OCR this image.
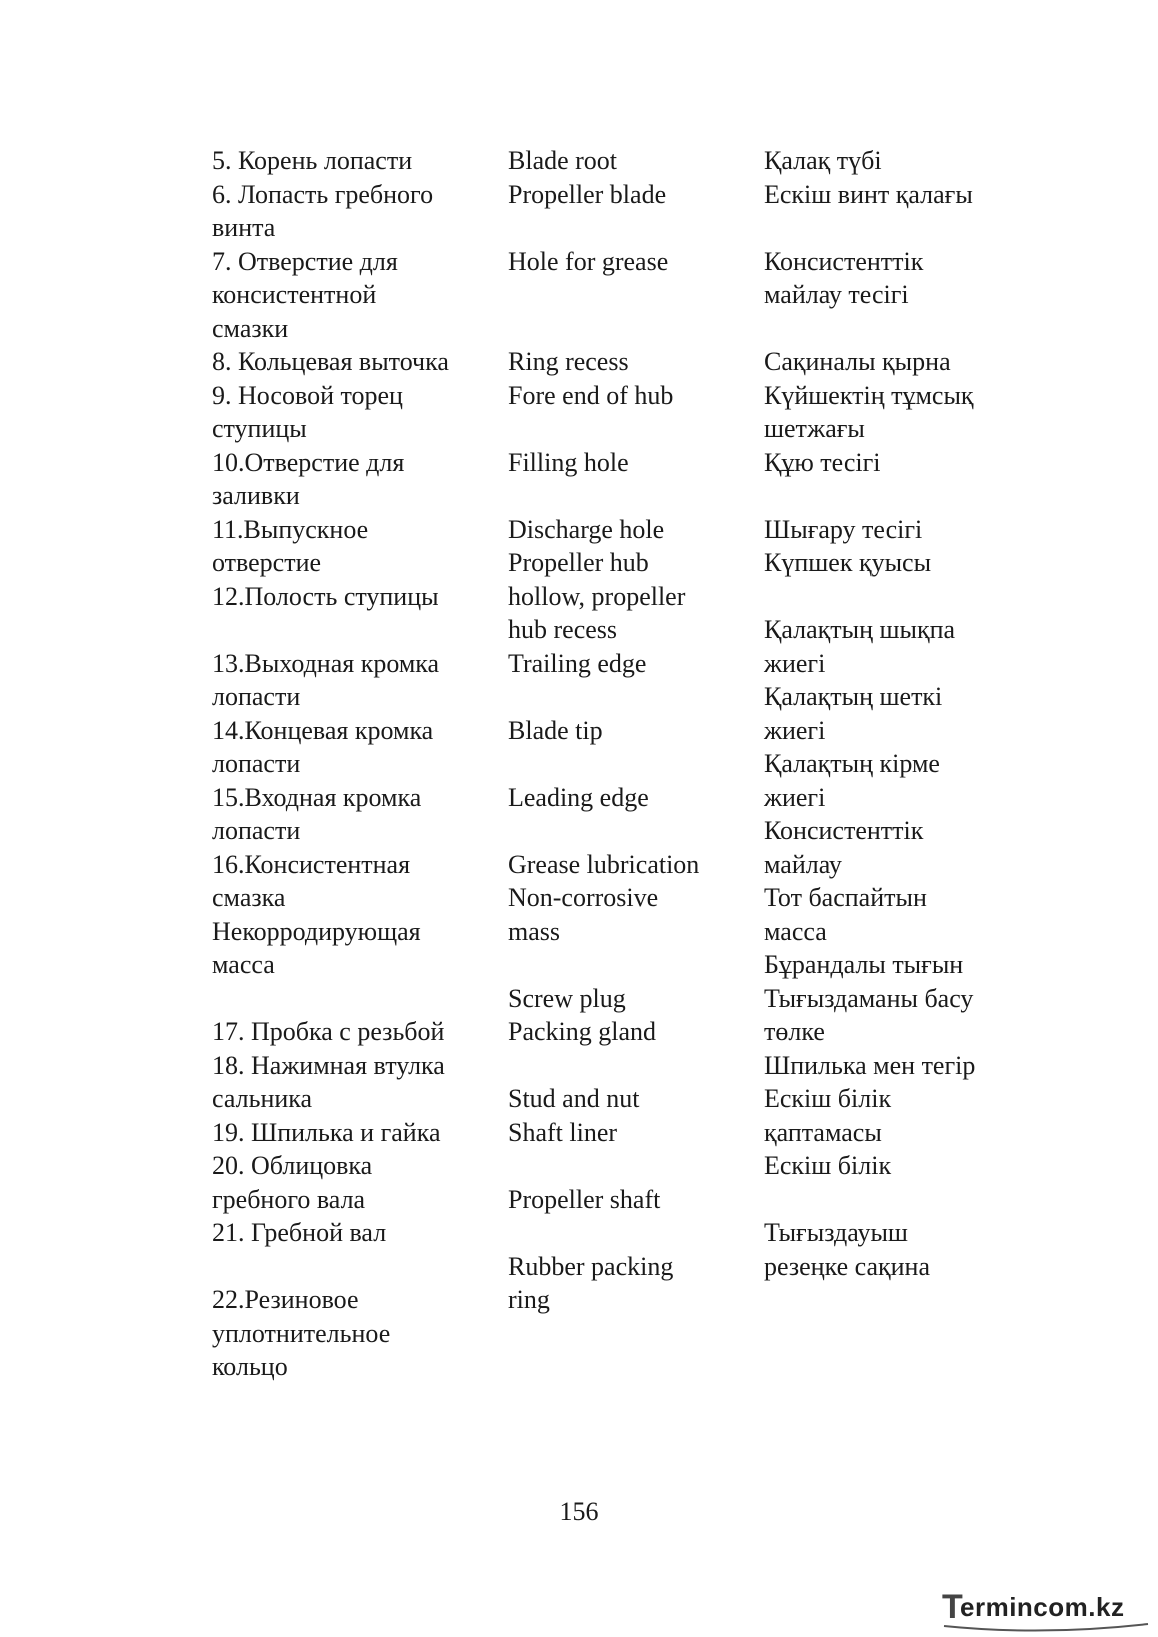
5. Корень лопасти
6. Лопасть гребного
винта
7. Отверстие для
консистентной
смазки
8. Кольцевая выточка
9. Носовой торец
ступицы
10.Отверстие для
заливки
11.Выпускное
отверстие
12.Полость ступицы
13.Выходная кромка
лопасти
14.Концевая кромка
лопасти
15.Входная кромка
лопасти
16.Консистентная
смазка
Некорродирующая
масса
17. Пробка с резьбой
18. Нажимная втулка
сальника
19. Шпилька и гайка
20. Облицовка
гребного вала
21. Гребной вал
22.Резиновое
уплотнительное
кольцо
Blade root
Propeller blade
Hole for grease
Ring recess
Fore end of hub
Filling hole
Discharge hole
Propeller hub
hollow, propeller
hub recess
Trailing edge
Blade tip
Leading edge
Grease lubrication
Non-corrosive
mass
Screw plug
Packing gland
Stud and nut
Shaft liner
Propeller shaft
Rubber packing
ring
Қалақ түбі
Ескіш винт қалағы
Консистенттік
майлау тесігі
Сақиналы қырна
Күйшектің тұмсық
шетжағы
Құю тесігі
Шығару тесігі
Күпшек қуысы
Қалақтың шықпа
жиегі
Қалақтың шеткі
жиегі
Қалақтың кірме
жиегі
Консистенттік
майлау
Тот баспайтын
масса
Бұрандалы тығын
Тығыздаманы басу
төлке
Шпилька мен тегір
Ескіш білік
қаптамасы
Ескіш білік
Тығыздауыш
резеңке сақина
156
T
ermincom.kz
